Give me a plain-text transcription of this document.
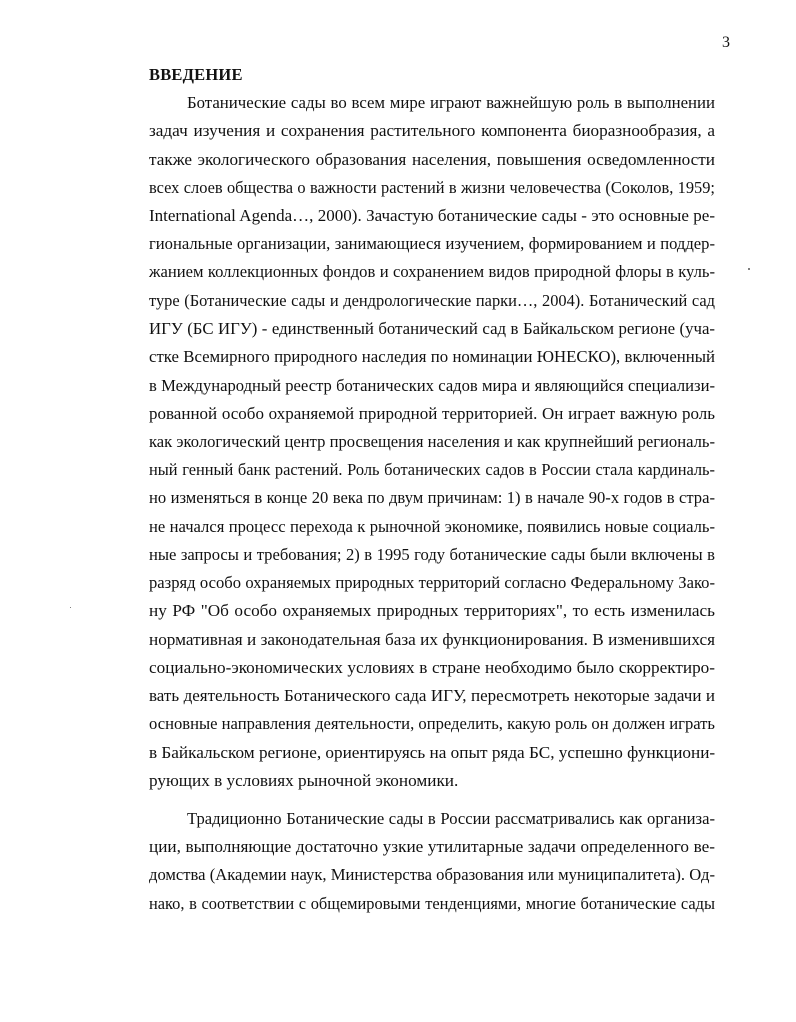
3
ВВЕДЕНИЕ
Ботанические сады во всем мире играют важнейшую роль в выполнении
задач изучения и сохранения растительного компонента биоразнообразия, а
также экологического образования населения, повышения осведомленности
всех слоев общества о важности растений в жизни человечества (Соколов, 1959;
International Agenda…, 2000). Зачастую ботанические сады - это основные ре-
гиональные организации, занимающиеся изучением, формированием и поддер-
жанием коллекционных фондов и сохранением видов природной флоры в куль-
туре (Ботанические сады и дендрологические парки…, 2004). Ботанический сад
ИГУ (БС ИГУ) - единственный ботанический сад в Байкальском регионе (уча-
стке Всемирного природного наследия по номинации ЮНЕСКО), включенный
в Международный реестр ботанических садов мира и являющийся специализи-
рованной особо охраняемой природной территорией. Он играет важную роль
как экологический центр просвещения населения и как крупнейший региональ-
ный генный банк растений. Роль ботанических садов в России стала кардиналь-
но изменяться в конце 20 века по двум причинам: 1) в начале 90-х годов в стра-
не начался процесс перехода к рыночной экономике, появились новые социаль-
ные запросы и требования; 2) в 1995 году ботанические сады были включены в
разряд особо охраняемых природных территорий согласно Федеральному Зако-
ну РФ "Об особо охраняемых природных территориях", то есть изменилась
нормативная и законодательная база их функционирования. В изменившихся
социально-экономических условиях в стране необходимо было скорректиро-
вать деятельность Ботанического сада ИГУ, пересмотреть некоторые задачи и
основные направления деятельности, определить, какую роль он должен играть
в Байкальском регионе, ориентируясь на опыт ряда БС, успешно функциони-
рующих в условиях рыночной экономики.
Традиционно Ботанические сады в России рассматривались как организа-
ции, выполняющие достаточно узкие утилитарные задачи определенного ве-
домства (Академии наук, Министерства образования или муниципалитета). Од-
нако, в соответствии с общемировыми тенденциями, многие ботанические сады
